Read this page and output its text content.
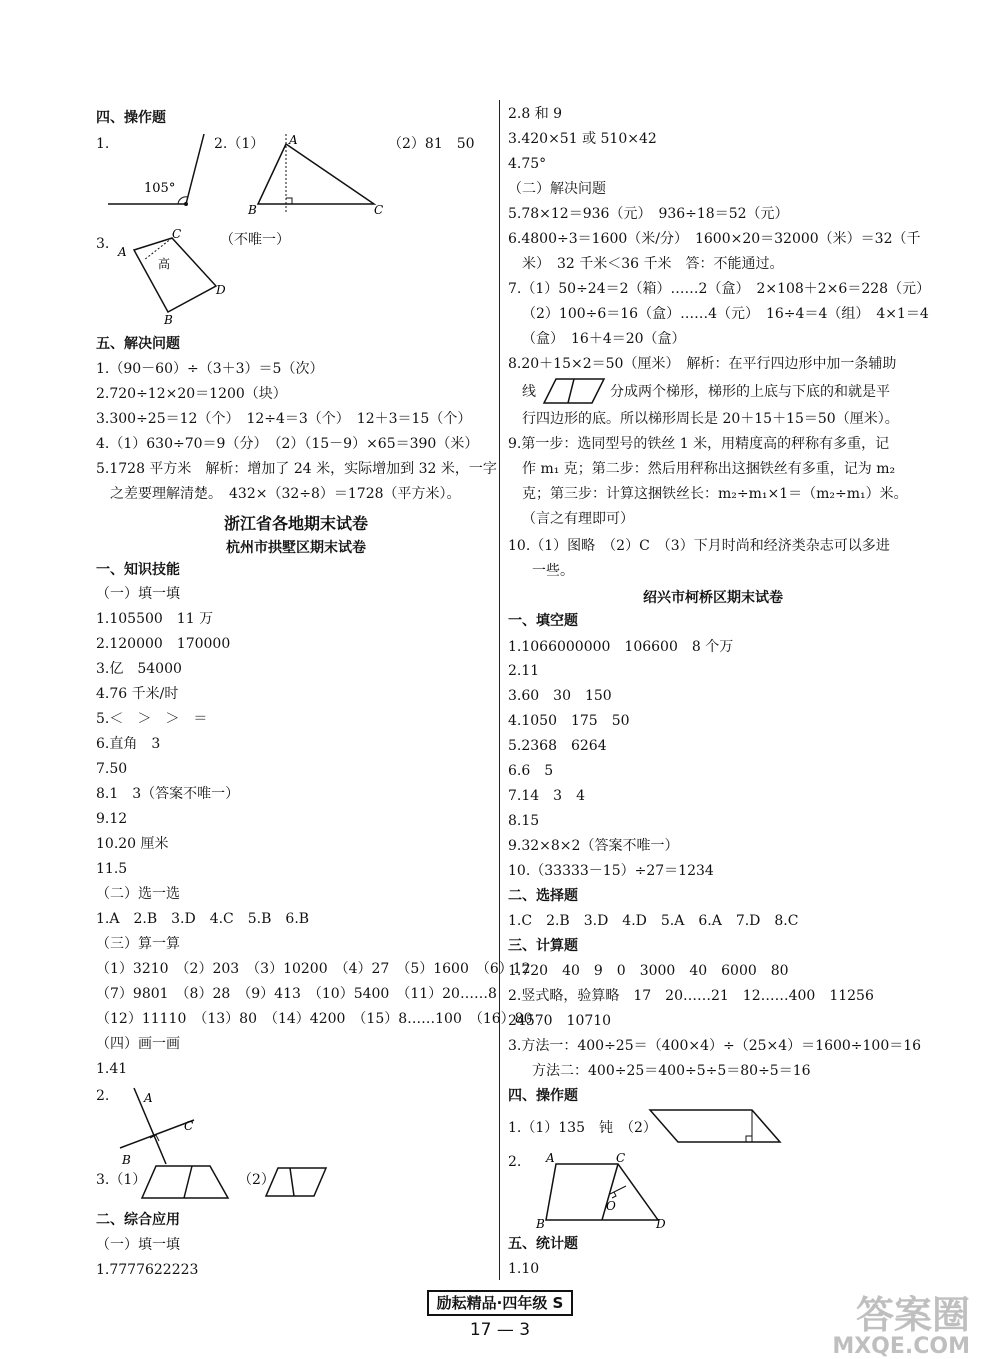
四、操作题
1.
105°
2.（1） A
B	C
（2）81　50
3. A
C
D
B
高
（不唯一）
五、解决问题
1.（90－60）÷（3＋3）＝5（次）
2.720÷12×20＝1200（块）
3.300÷25＝12（个）　12÷4＝3（个）　12＋3＝15（个）
4.（1）630÷70＝9（分）　（2）（15－9）×65＝390（米）
5.1728 平方米　解析：增加了 24 米，实际增加到 32 米，一字
之差要理解清楚。　432×（32÷8）＝1728（平方米）。
浙江省各地期末试卷
杭州市拱墅区期末试卷
一、知识技能
（一）填一填
1.105500　11 万
2.120000　170000
3.亿　54000
4.76 千米/时
5.＜　＞　＞　＝
6.直角　3
7.50
8.1　3（答案不唯一）
9.12
10.20 厘米
11.5
（二）选一选
1.A　2.B　3.D　4.C　5.B　6.B
（三）算一算
（1）3210　（2）203　（3）10200　（4）27　（5）1600　（6）12
（7）9801　（8）28　（9）413　（10）5400　（11）20……8
（12）11110　（13）80　（14）4200　（15）8……100　（16）80
（四）画一画
1.41
2.	A
C
B
3.（1）	（2）
二、综合应用
（一）填一填
1.7777622223
2.8 和 9
3.420×51 或 510×42
4.75°
（二）解决问题
5.78×12＝936（元）　936÷18＝52（元）
6.4800÷3＝1600（米/分）　1600×20＝32000（米）＝32（千
米）　32 千米＜36 千米　答：不能通过。
7.（1）50÷24＝2（箱）……2（盒）　2×108＋2×6＝228（元）
（2）100÷6＝16（盒）……4（元）　16÷4＝4（组）　4×1＝4
（盒）　16＋4＝20（盒）
8.20＋15×2＝50（厘米）　解析：在平行四边形中加一条辅助
线	分成两个梯形，梯形的上底与下底的和就是平
行四边形的底。所以梯形周长是 20＋15＋15＝50（厘米）。
9.第一步：选同型号的铁丝 1 米，用精度高的秤称有多重，记
作 m₁ 克；第二步：然后用秤称出这捆铁丝有多重，记为 m₂
克；第三步：计算这捆铁丝长：m₂÷m₁×1＝（m₂÷m₁）米。
（言之有理即可）
10.（1）图略　（2）C　（3）下月时尚和经济类杂志可以多进
一些。
绍兴市柯桥区期末试卷
一、填空题
1.1066000000　106600　8 个万
2.11
3.60　30　150
4.1050　175　50
5.2368　6264
6.6　5
7.14　3　4
8.15
9.32×8×2（答案不唯一）
10.（33333－15）÷27＝1234
二、选择题
1.C　2.B　3.D　4.D　5.A　6.A　7.D　8.C
三、计算题
1.720　40　9　0　3000　40　6000　80
2.竖式略，验算略　17　20……21　12……400　11256
24570　10710
3.方法一：400÷25＝（400×4）÷（25×4）＝1600÷100＝16
方法二：400÷25＝400÷5÷5＝80÷5＝16
四、操作题
1.（1）135　钝　（2）
2. A	C
B	D
O
五、统计题
1.10
励耘精品·四年级 S
17 — 3	答案圈
MXQE.COM
